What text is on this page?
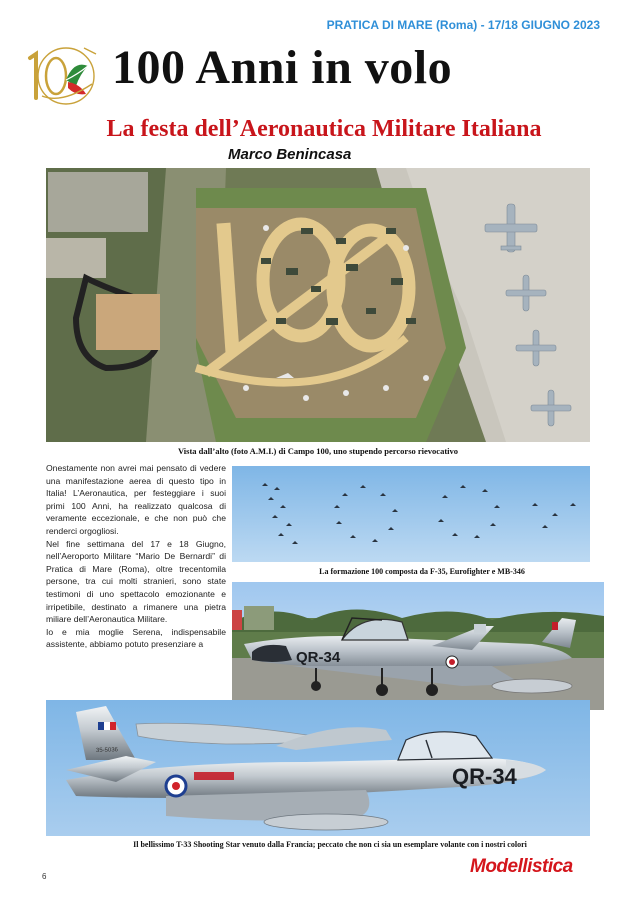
PRATICA DI MARE (Roma) - 17/18 GIUGNO 2023
100 Anni in volo
La festa dell’Aeronautica Militare Italiana
Marco Benincasa
Vista dall’alto (foto A.M.I.) di Campo 100, uno stupendo percorso rievocativo

Onestamente non avrei mai pensato di vedere una manifestazione aerea di questo tipo in Italia! L’Aeronautica, per festeggiare i suoi primi 100 Anni, ha realizzato qualcosa di veramente eccezionale, e che non può che renderci orgogliosi.

Nel fine settimana del 17 e 18 Giugno, nell’Aeroporto Militare “Mario De Bernardi” di Pratica di Mare (Roma), oltre trecentomila persone, tra cui molti stranieri, sono state testimoni di uno spettacolo emozionante e irripetibile, destinato a rimanere una pietra miliare dell’Aeronautica Militare.

Io e mia moglie Serena, indispensabile assistente, abbiamo potuto presenziare a

La formazione 100 composta da F-35, Eurofighter e MB-346
QR-34
35-5036
QR-34
Il bellissimo T-33 Shooting Star venuto dalla Francia; peccato che non ci sia un esemplare volante con i nostri colori
6	Modellistica
